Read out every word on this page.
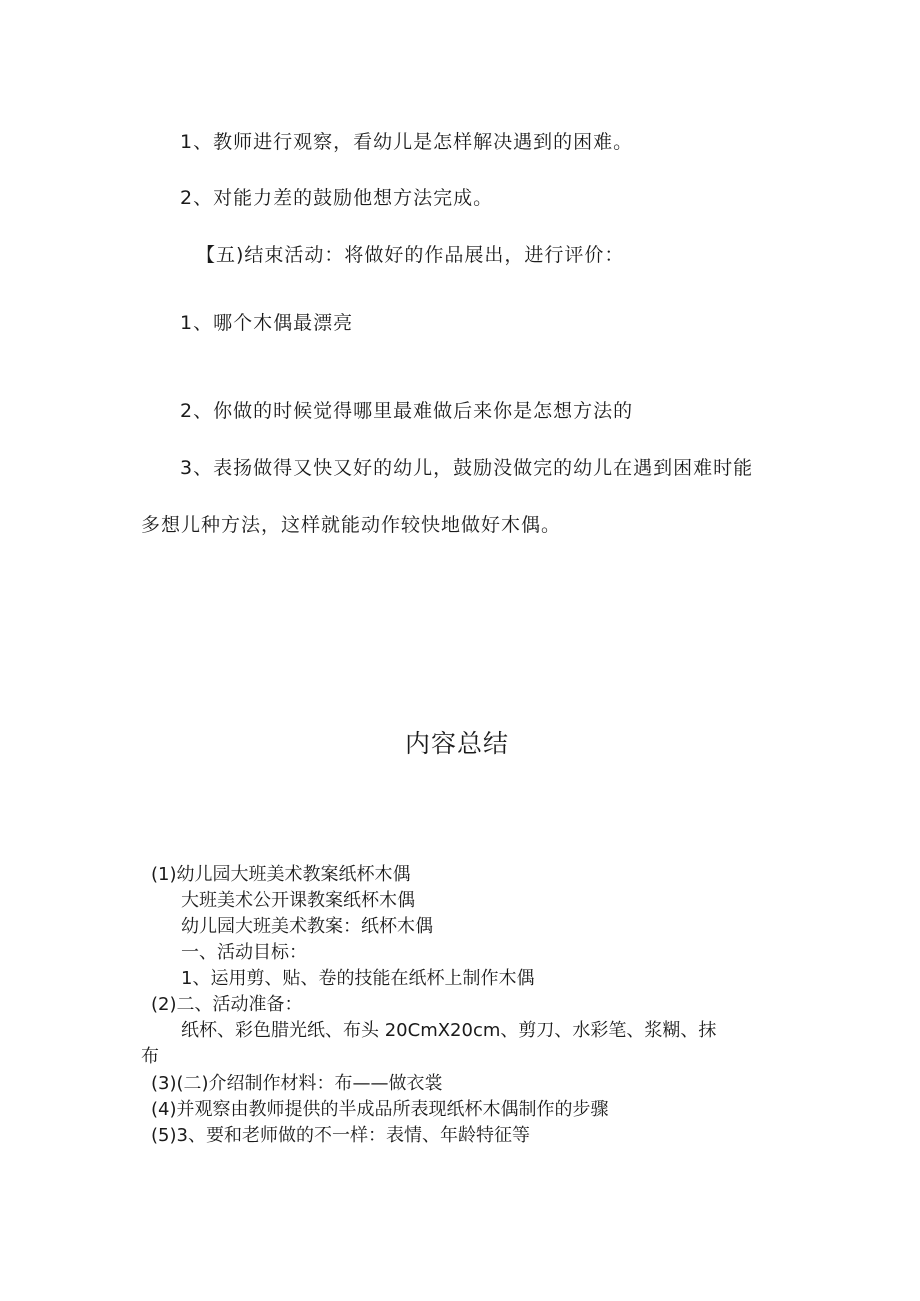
1、教师进行观察，看幼儿是怎样解决遇到的困难。

2、对能力差的鼓励他想方法完成。

【五)结束活动：将做好的作品展出，进行评价：

1、哪个木偶最漂亮

2、你做的时候觉得哪里最难做后来你是怎想方法的

3、表扬做得又快又好的幼儿，鼓励没做完的幼儿在遇到困难时能

多想儿种方法，这样就能动作较快地做好木偶。

内容总结

(1)幼儿园大班美术教案纸杯木偶

大班美术公开课教案纸杯木偶

幼儿园大班美术教案：纸杯木偶

一、活动目标：

1、运用剪、贴、卷的技能在纸杯上制作木偶

(2)二、活动准备：

纸杯、彩色腊光纸、布头 20CmX20cm、剪刀、水彩笔、浆糊、抹

布

(3)(二)介绍制作材料：布——做衣裳

(4)并观察由教师提供的半成品所表现纸杯木偶制作的步骤

(5)3、要和老师做的不一样：表情、年龄特征等
